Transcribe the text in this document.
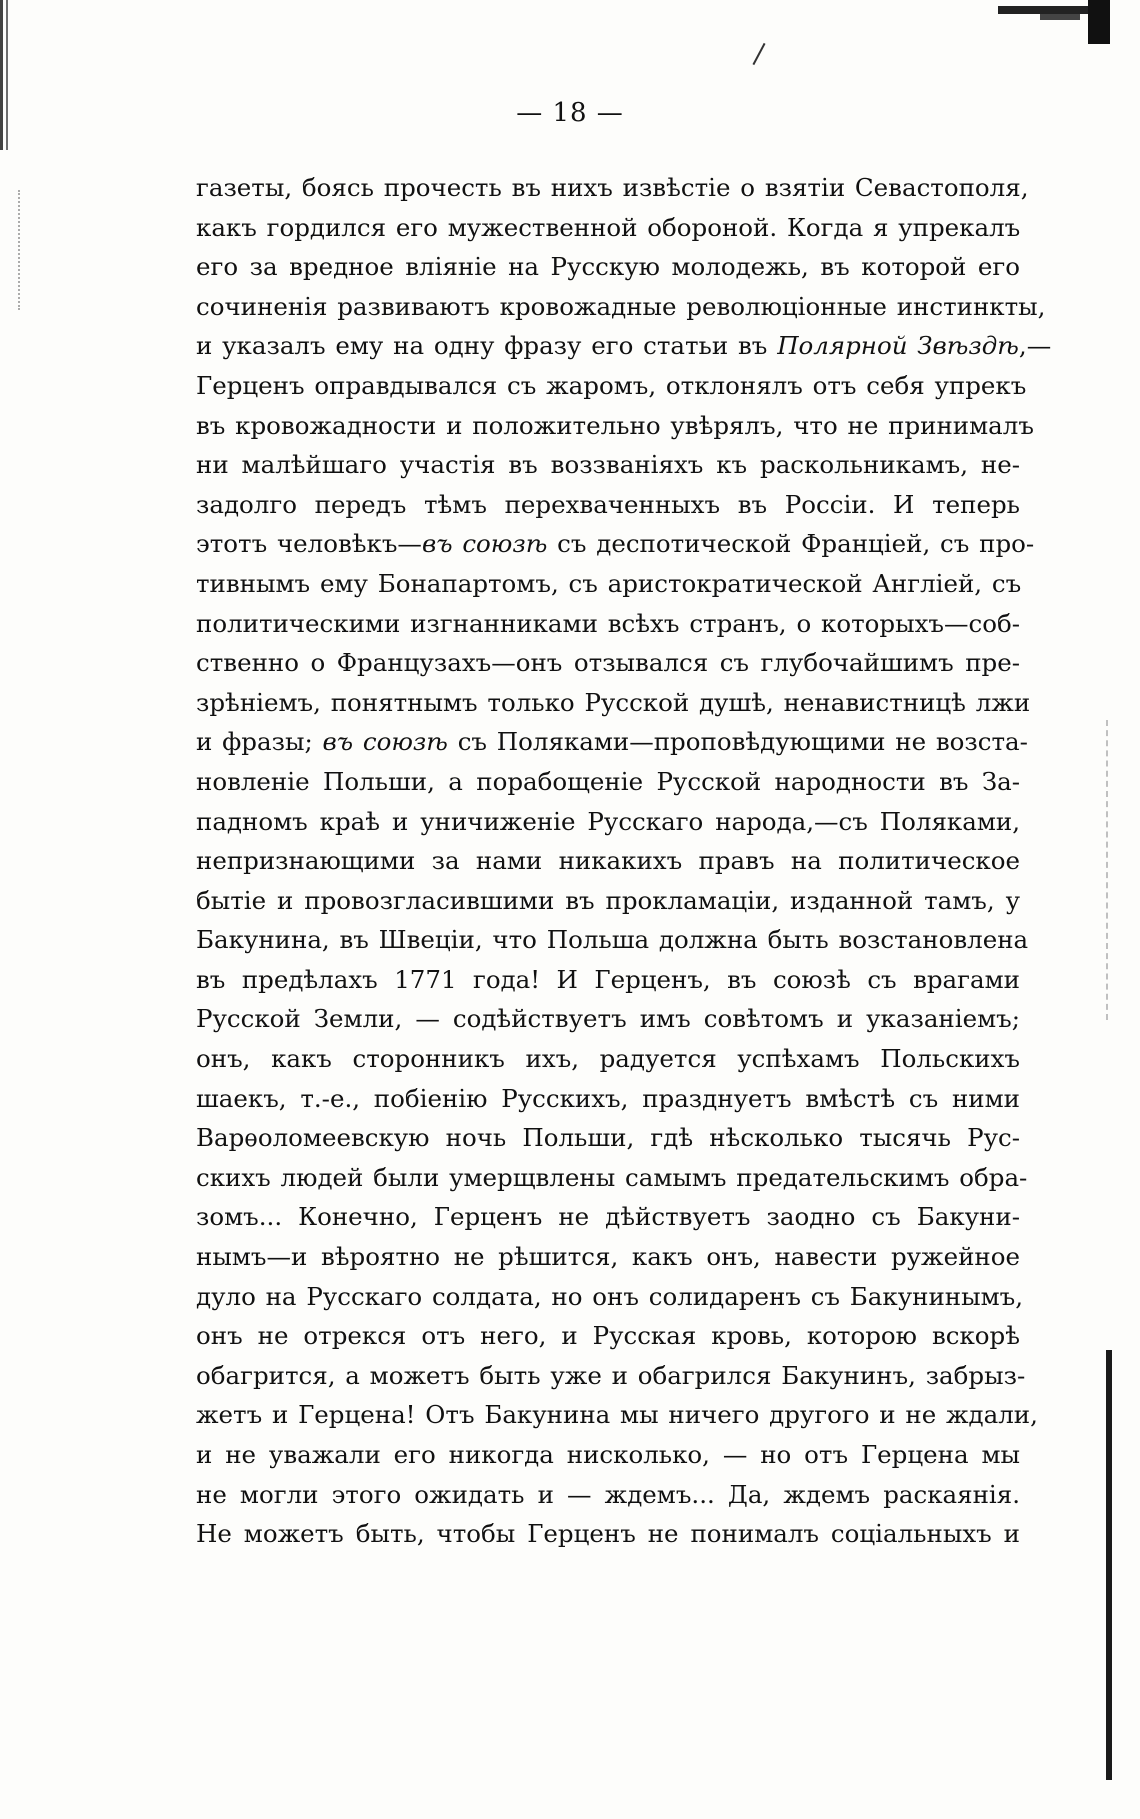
— 18 —
газеты, боясь прочесть въ нихъ извѣстіе о взятіи Севастополя,
какъ гордился его мужественной обороной. Когда я упрекалъ
его за вредное вліяніе на Русскую молодежь, въ которой его
сочиненія развиваютъ кровожадные революціонные инстинкты,
и указалъ ему на одну фразу его статьи въ Полярной Звѣздѣ,—
Герценъ оправдывался съ жаромъ, отклонялъ отъ себя упрекъ
въ кровожадности и положительно увѣрялъ, что не принималъ
ни малѣйшаго участія въ воззваніяхъ къ раскольникамъ, не-
задолго передъ тѣмъ перехваченныхъ въ Россіи. И теперь
этотъ человѣкъ—въ союзѣ съ деспотической Франціей, съ про-
тивнымъ ему Бонапартомъ, съ аристократической Англіей, съ
политическими изгнанниками всѣхъ странъ, о которыхъ—соб-
ственно о Французахъ—онъ отзывался съ глубочайшимъ пре-
зрѣніемъ, понятнымъ только Русской душѣ, ненавистницѣ лжи
и фразы; въ союзѣ съ Поляками—проповѣдующими не возста-
новленіе Польши, а порабощеніе Русской народности въ За-
падномъ краѣ и уничиженіе Русскаго народа,—съ Поляками,
непризнающими за нами никакихъ правъ на политическое
бытіе и провозгласившими въ прокламаціи, изданной тамъ, у
Бакунина, въ Швеціи, что Польша должна быть возстановлена
въ предѣлахъ 1771 года! И Герценъ, въ союзѣ съ врагами
Русской Земли, — содѣйствуетъ имъ совѣтомъ и указаніемъ;
онъ, какъ сторонникъ ихъ, радуется успѣхамъ Польскихъ
шаекъ, т.-е., побіенію Русскихъ, празднуетъ вмѣстѣ съ ними
Варѳоломеевскую ночь Польши, гдѣ нѣсколько тысячь Рус-
скихъ людей были умерщвлены самымъ предательскимъ обра-
зомъ... Конечно, Герценъ не дѣйствуетъ заодно съ Бакуни-
нымъ—и вѣроятно не рѣшится, какъ онъ, навести ружейное
дуло на Русскаго солдата, но онъ солидаренъ съ Бакунинымъ,
онъ не отрекся отъ него, и Русская кровь, которою вскорѣ
обагрится, а можетъ быть уже и обагрился Бакунинъ, забрыз-
жетъ и Герцена! Отъ Бакунина мы ничего другого и не ждали,
и не уважали его никогда нисколько, — но отъ Герцена мы
не могли этого ожидать и — ждемъ... Да, ждемъ раскаянія.
Не можетъ быть, чтобы Герценъ не понималъ соціальныхъ и
